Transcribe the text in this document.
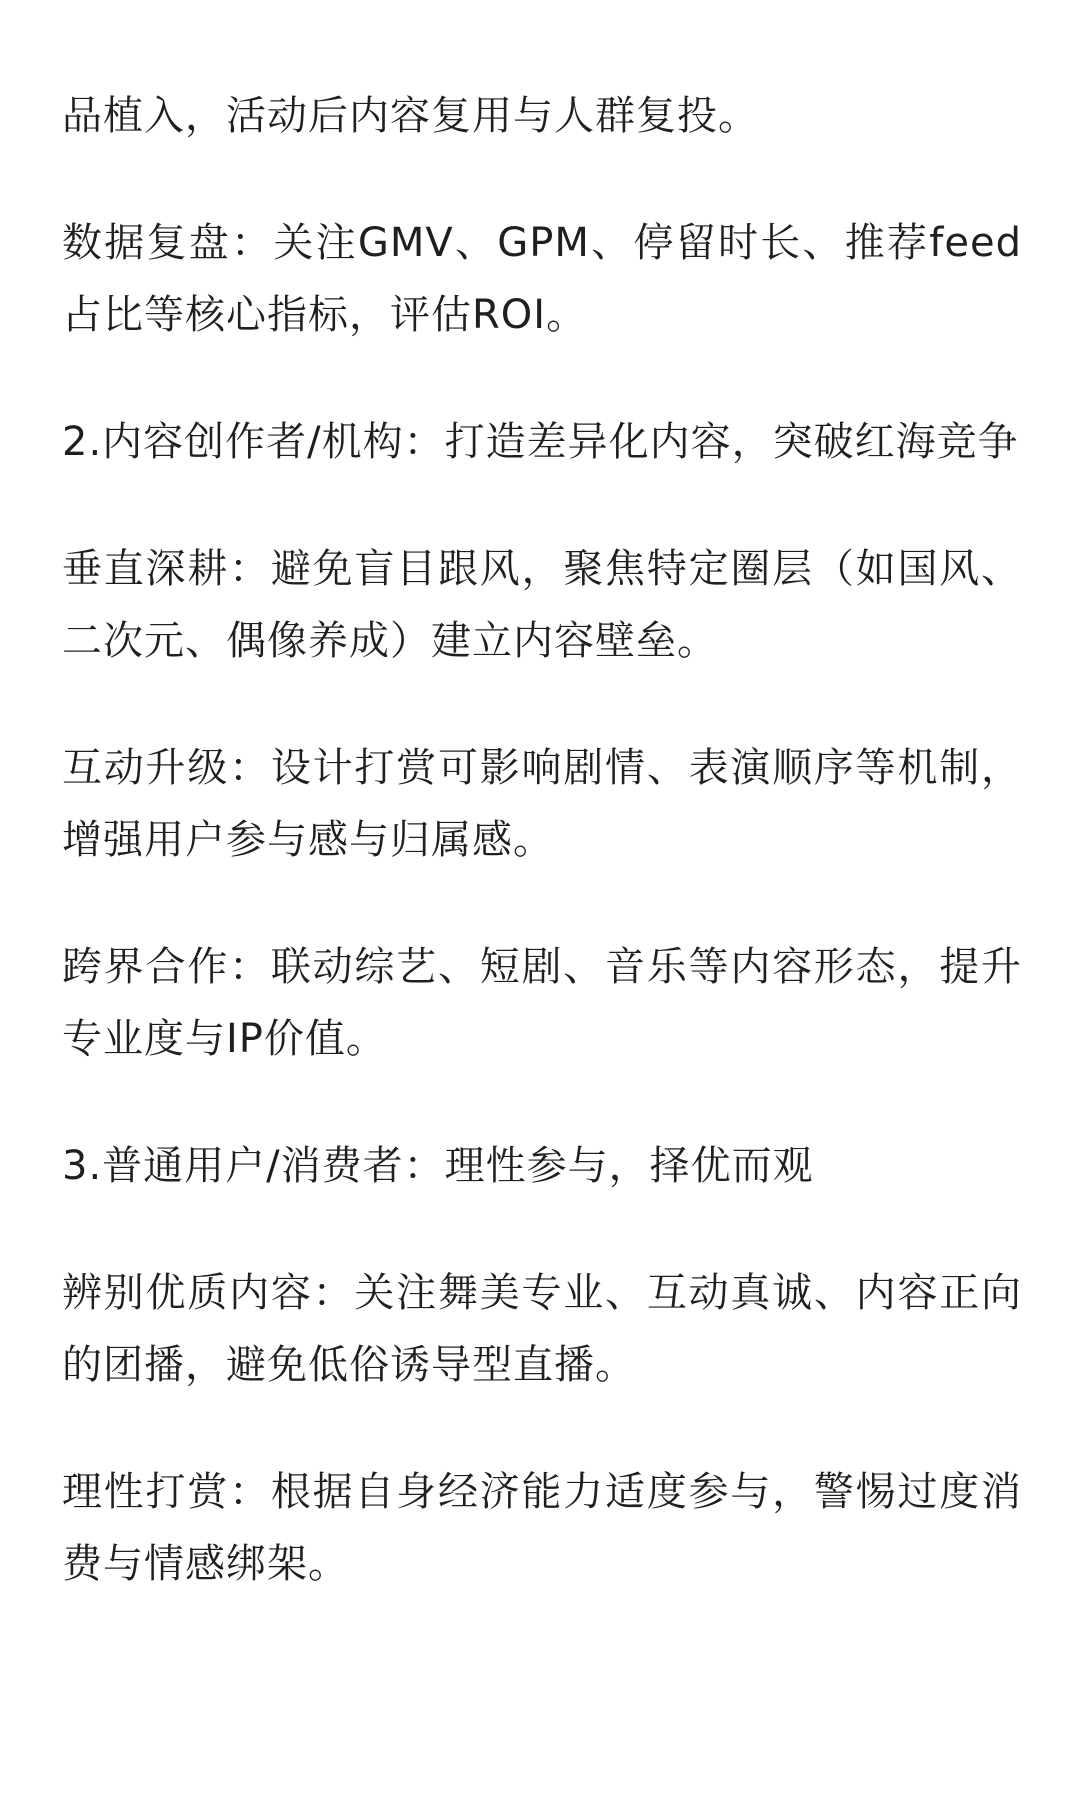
品植入，活动后内容复用与人群复投。

数据复盘：关注GMV、GPM、停留时长、推荐feed占比等核心指标，评估ROI。

2.内容创作者/机构：打造差异化内容，突破红海竞争

垂直深耕：避免盲目跟风，聚焦特定圈层（如国风、二次元、偶像养成）建立内容壁垒。

互动升级：设计打赏可影响剧情、表演顺序等机制，增强用户参与感与归属感。

跨界合作：联动综艺、短剧、音乐等内容形态，提升专业度与IP价值。

3.普通用户/消费者：理性参与，择优而观

辨别优质内容：关注舞美专业、互动真诚、内容正向的团播，避免低俗诱导型直播。

理性打赏：根据自身经济能力适度参与，警惕过度消费与情感绑架。
